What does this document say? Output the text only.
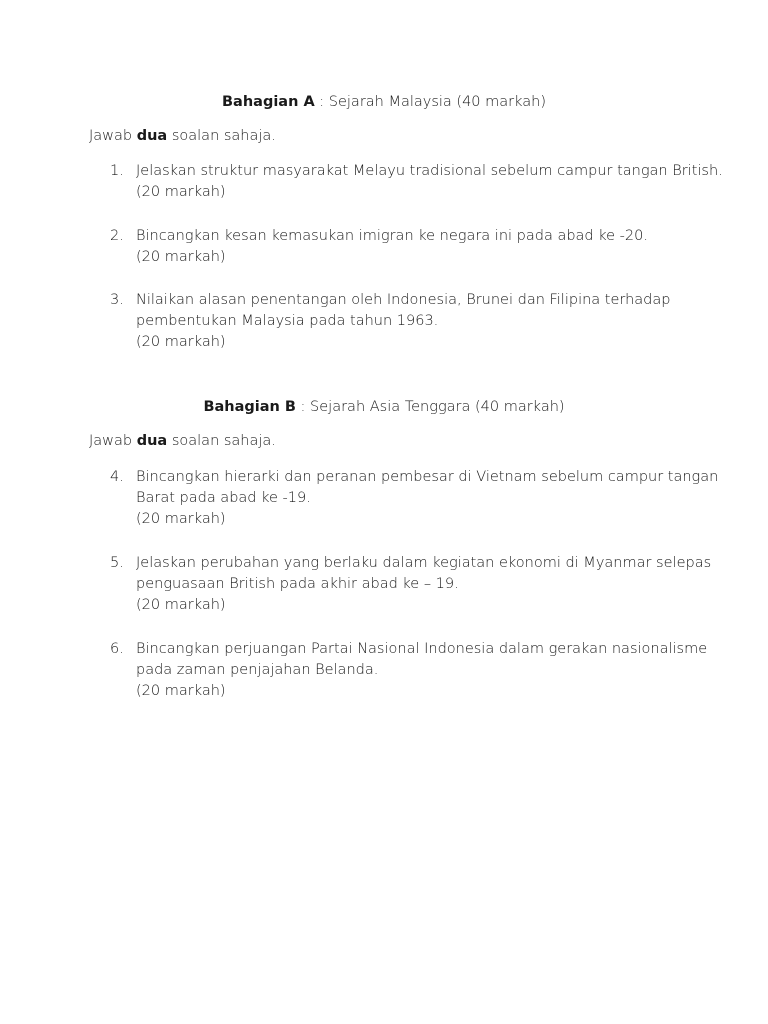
Bahagian A : Sejarah Malaysia (40 markah)
Jawab dua soalan sahaja.
1. Jelaskan struktur masyarakat Melayu tradisional sebelum campur tangan British.
(20 markah)
2. Bincangkan kesan kemasukan imigran ke negara ini pada abad ke -20.
(20 markah)
3. Nilaikan alasan penentangan oleh Indonesia, Brunei dan Filipina terhadap
pembentukan Malaysia pada tahun 1963.
(20 markah)
Bahagian B : Sejarah Asia Tenggara (40 markah)
Jawab dua soalan sahaja.
4. Bincangkan hierarki dan peranan pembesar di Vietnam sebelum campur tangan
Barat pada abad ke -19.
(20 markah)
5. Jelaskan perubahan yang berlaku dalam kegiatan ekonomi di Myanmar selepas
penguasaan British pada akhir abad ke – 19.
(20 markah)
6. Bincangkan perjuangan Partai Nasional Indonesia dalam gerakan nasionalisme
pada zaman penjajahan Belanda.
(20 markah)
